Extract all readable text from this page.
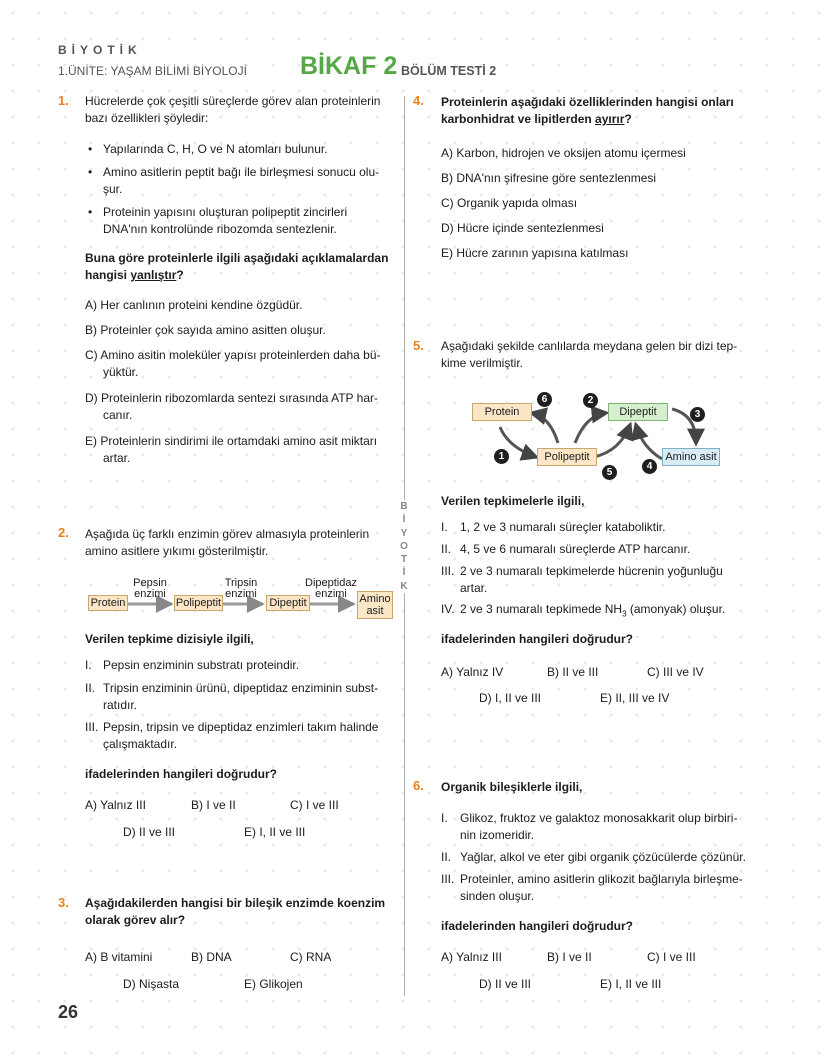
BİYOTİK
1.ÜNİTE: YAŞAM BİLİMİ BİYOLOJİ BİKAF 2 BÖLÜM TESTİ 2
B
İ
Y
O
T
İ
K
1. Hücrelerde çok çeşitli süreçlerde görev alan proteinlerin
bazı özellikleri şöyledir:
• Yapılarında C, H, O ve N atomları bulunur.
• Amino asitlerin peptit bağı ile birleşmesi sonucu olu-
şur.
• Proteinin yapısını oluşturan polipeptit zincirleri
DNA'nın kontrolünde ribozomda sentezlenir.
Buna göre proteinlerle ilgili aşağıdaki açıklamalardan
hangisi yanlıştır?
A) Her canlının proteini kendine özgüdür.
B) Proteinler çok sayıda amino asitten oluşur.
C) Amino asitin moleküler yapısı proteinlerden daha bü-
yüktür.
D) Proteinlerin ribozomlarda sentezi sırasında ATP har-
canır.
E) Proteinlerin sindirimi ile ortamdaki amino asit miktarı
artar.
2. Aşağıda üç farklı enzimin görev almasıyla proteinlerin
amino asitlere yıkımı gösterilmiştir.
Protein	Polipeptit	Dipeptit	Amino
asit
Pepsin
enzimi
Tripsin
enzimi
Dipeptidaz
enzimi
Verilen tepkime dizisiyle ilgili,
I. Pepsin enziminin substratı proteindir.
II. Tripsin enziminin ürünü, dipeptidaz enziminin subst-
ratıdır.
III. Pepsin, tripsin ve dipeptidaz enzimleri takım halinde
çalışmaktadır.
ifadelerinden hangileri doğrudur?
A) Yalnız III	B) I ve II	C) I ve III
D) II ve III	E) I, II ve III
3. Aşağıdakilerden hangisi bir bileşik enzimde koenzim
olarak görev alır?
A) B vitamini	B) DNA	C) RNA
D) Nişasta	E) Glikojen
26
4. Proteinlerin aşağıdaki özelliklerinden hangisi onları
karbonhidrat ve lipitlerden ayırır?
A) Karbon, hidrojen ve oksijen atomu içermesi
B) DNA'nın şifresine göre sentezlenmesi
C) Organik yapıda olması
D) Hücre içinde sentezlenmesi
E) Hücre zarının yapısına katılması
5. Aşağıdaki şekilde canlılarda meydana gelen bir dizi tep-
kime verilmiştir.
Protein	Dipeptit
Polipeptit	Amino asit
1
2
3
4
5
6
Verilen tepkimelerle ilgili,
I. 1, 2 ve 3 numaralı süreçler kataboliktir.
II. 4, 5 ve 6 numaralı süreçlerde ATP harcanır.
III. 2 ve 3 numaralı tepkimelerde hücrenin yoğunluğu
artar.
IV. 2 ve 3 numaralı tepkimede $NH_3$ (amonyak) oluşur.
ifadelerinden hangileri doğrudur?
A) Yalnız IV	B) II ve III	C) III ve IV
D) I, II ve III	E) II, III ve IV
6. Organik bileşiklerle ilgili,
I. Glikoz, fruktoz ve galaktoz monosakkarit olup birbiri-
nin izomeridir.
II. Yağlar, alkol ve eter gibi organik çözücülerde çözünür.
III. Proteinler, amino asitlerin glikozit bağlarıyla birleşme-
sinden oluşur.
ifadelerinden hangileri doğrudur?
A) Yalnız III	B) I ve II	C) I ve III
D) II ve III	E) I, II ve III
